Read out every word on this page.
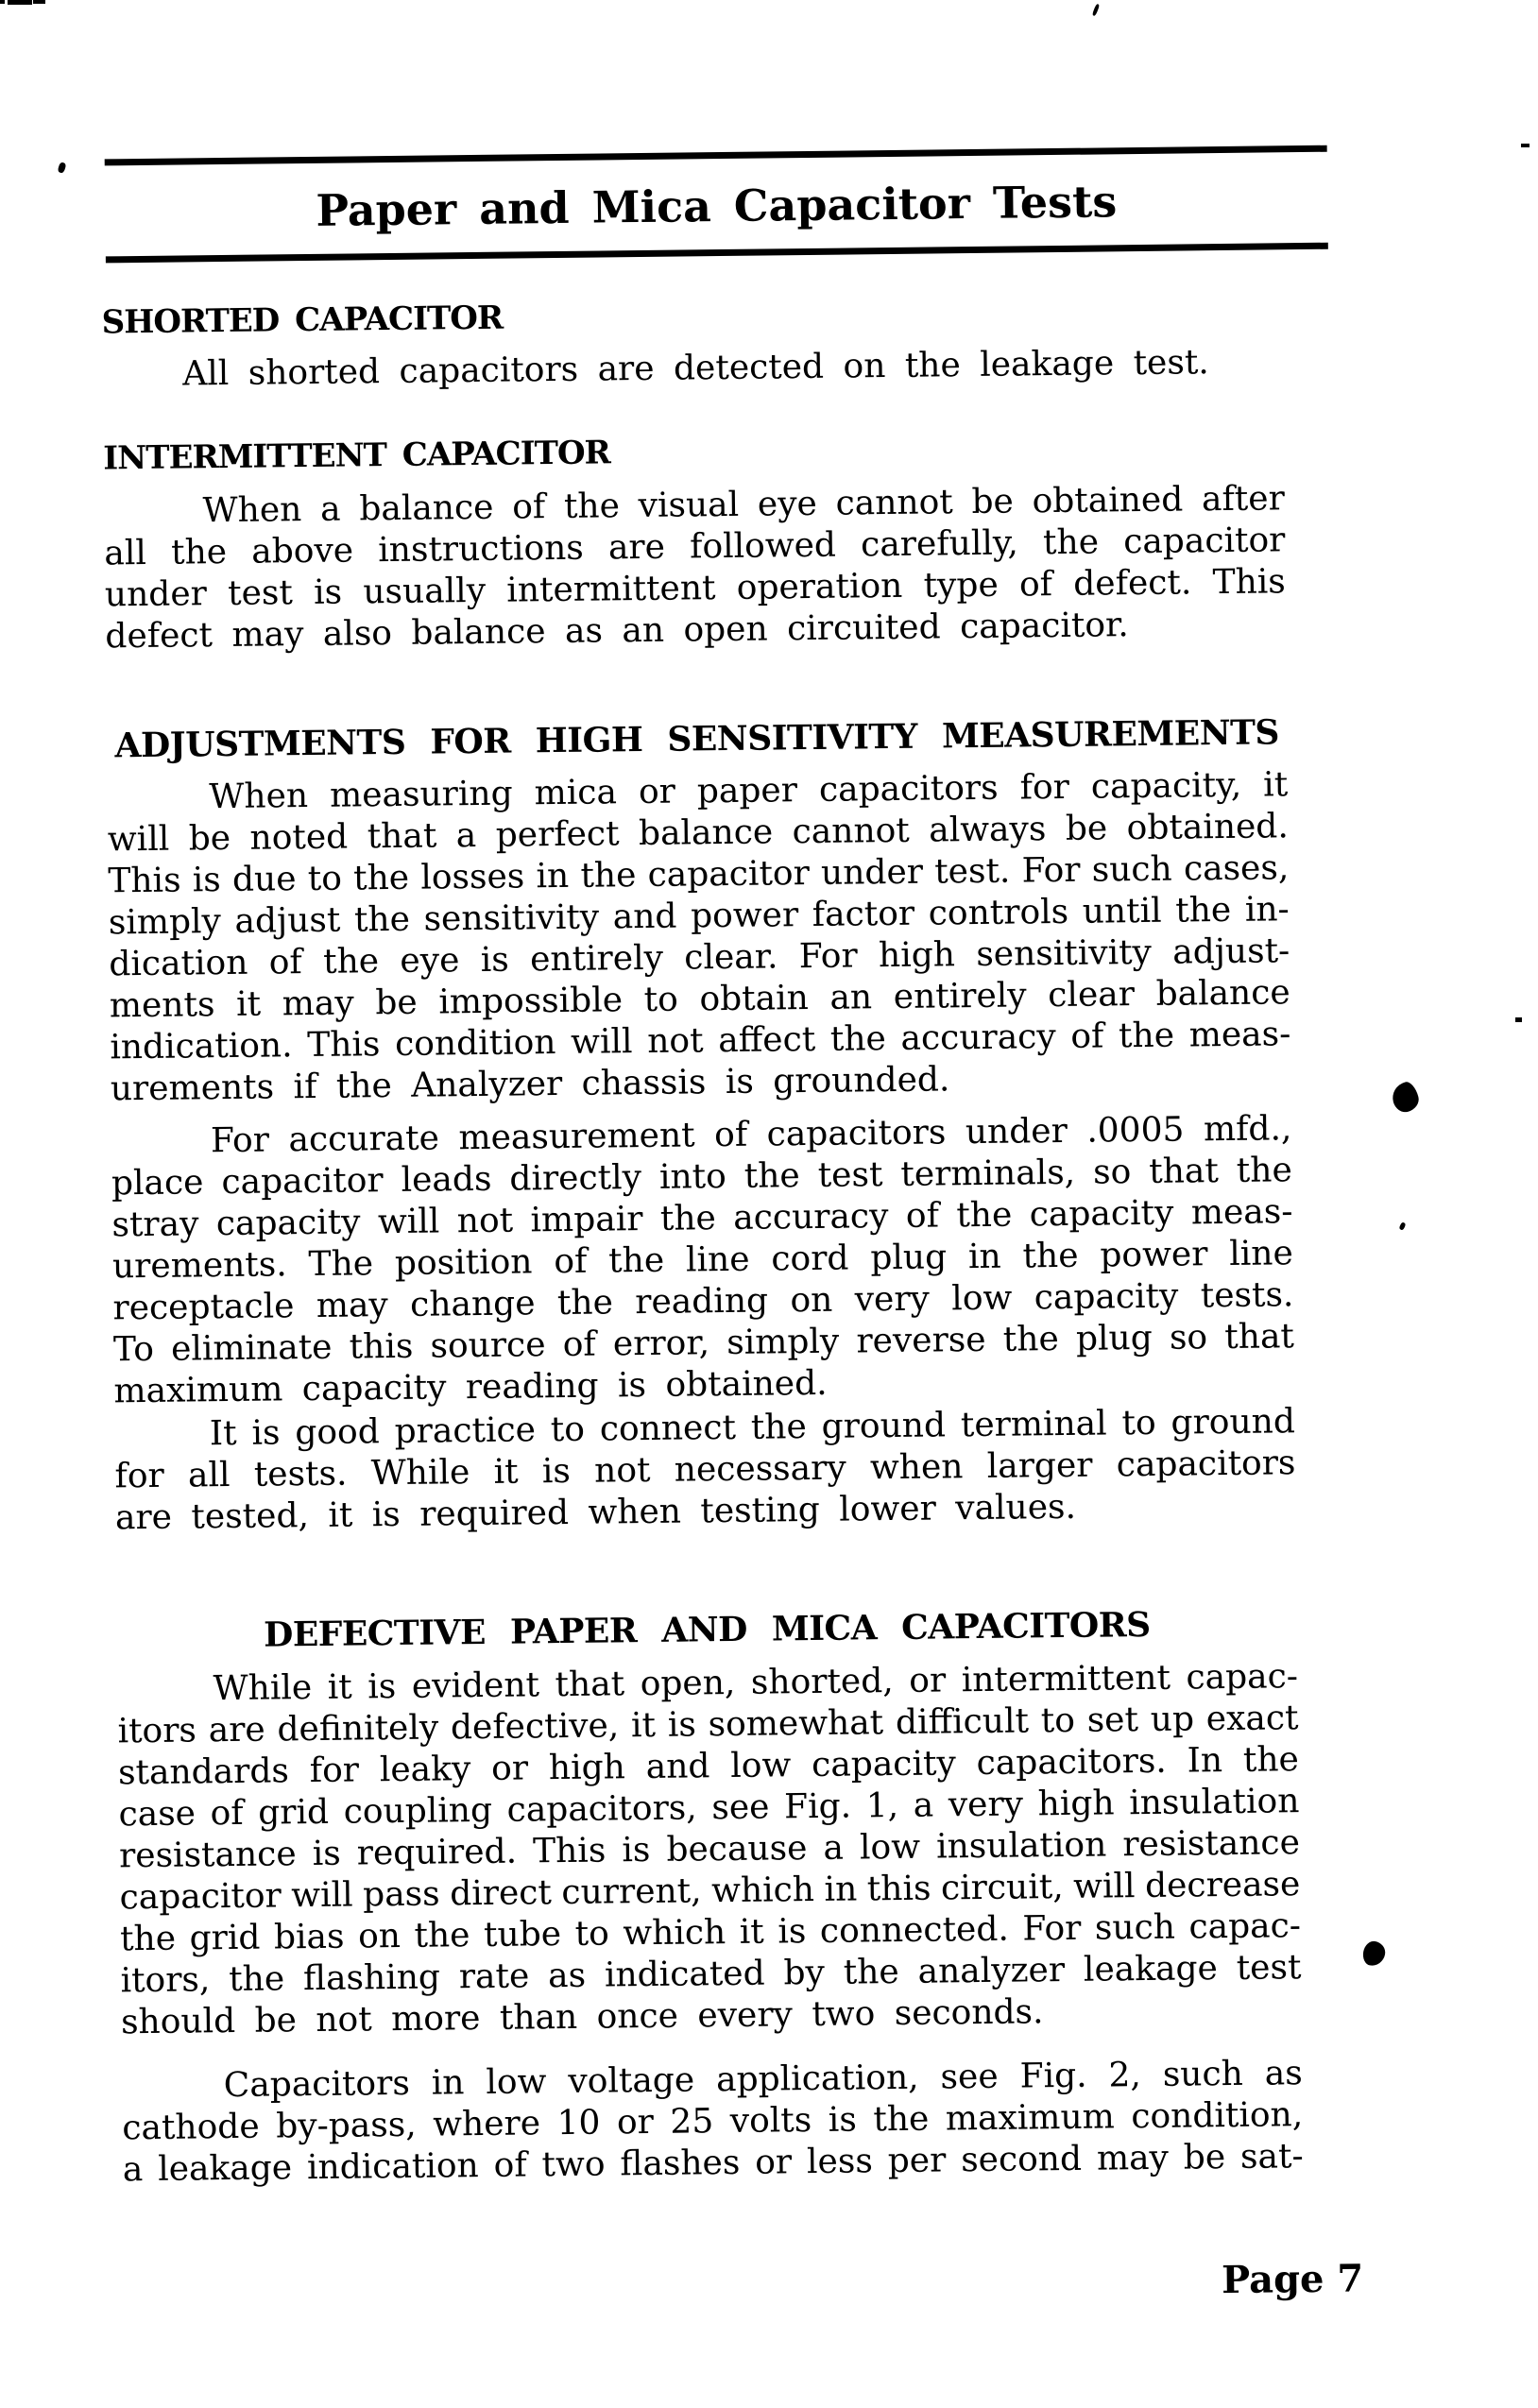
Paper and Mica Capacitor Tests
SHORTED CAPACITOR
All shorted capacitors are detected on the leakage test.
INTERMITTENT CAPACITOR
When a balance of the visual eye cannot be obtained after
all the above instructions are followed carefully, the capacitor
under test is usually intermittent operation type of defect. This
defect may also balance as an open circuited capacitor.
ADJUSTMENTS FOR HIGH SENSITIVITY MEASUREMENTS
When measuring mica or paper capacitors for capacity, it
will be noted that a perfect balance cannot always be obtained.
This is due to the losses in the capacitor under test. For such cases,
simply adjust the sensitivity and power factor controls until the in-
dication of the eye is entirely clear. For high sensitivity adjust-
ments it may be impossible to obtain an entirely clear balance
indication. This condition will not affect the accuracy of the meas-
urements if the Analyzer chassis is grounded.
For accurate measurement of capacitors under .0005 mfd.,
place capacitor leads directly into the test terminals, so that the
stray capacity will not impair the accuracy of the capacity meas-
urements. The position of the line cord plug in the power line
receptacle may change the reading on very low capacity tests.
To eliminate this source of error, simply reverse the plug so that
maximum capacity reading is obtained.
It is good practice to connect the ground terminal to ground
for all tests. While it is not necessary when larger capacitors
are tested, it is required when testing lower values.
DEFECTIVE PAPER AND MICA CAPACITORS
While it is evident that open, shorted, or intermittent capac-
itors are definitely defective, it is somewhat difficult to set up exact
standards for leaky or high and low capacity capacitors. In the
case of grid coupling capacitors, see Fig. 1, a very high insulation
resistance is required. This is because a low insulation resistance
capacitor will pass direct current, which in this circuit, will decrease
the grid bias on the tube to which it is connected. For such capac-
itors, the flashing rate as indicated by the analyzer leakage test
should be not more than once every two seconds.
Capacitors in low voltage application, see Fig. 2, such as
cathode by-pass, where 10 or 25 volts is the maximum condition,
a leakage indication of two flashes or less per second may be sat-

Page 7
